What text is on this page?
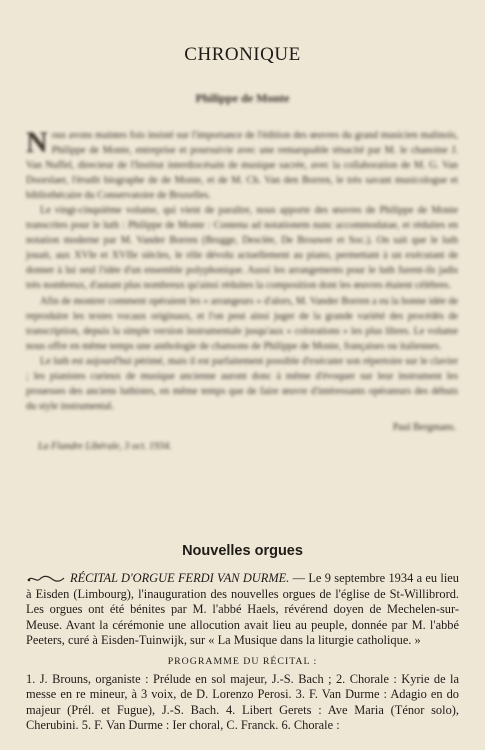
CHRONIQUE
Philippe de Monte

Nous avons maintes fois insisté sur l'importance de l'édition des œuvres du grand musicien malinois, Philippe de Monte, entreprise et poursuivie avec une remarquable ténacité par M. le chanoine J. Van Nuffel, directeur de l'Institut interdiocésain de musique sacrée, avec la collaboration de M. G. Van Doorslaer, l'érudit biographe de de Monte, et de M. Ch. Van den Borren, le très savant musicologue et bibliothécaire du Conservatoire de Bruxelles.

Le vingt-cinquième volume, qui vient de paraître, nous apporte des œuvres de Philippe de Monte transcrites pour le luth : Philippe de Monte : Contenu ad notationem nunc accommodatae, et réduites en notation moderne par M. Vander Borren (Brugge, Desclée, De Brouwer et Soc.). On sait que le luth jouait, aux XVIe et XVIIe siècles, le rôle dévolu actuellement au piano, permettant à un exécutant de donner à lui seul l'idée d'un ensemble polyphonique. Aussi les arrangements pour le luth furent-ils jadis très nombreux, d'autant plus nombreux qu'ainsi réduites la composition dont les œuvres étaient célèbres.

Afin de montrer comment opéraient les « arrangeurs » d'alors, M. Vander Borren a eu la bonne idée de reproduire les textes vocaux originaux, et l'on peut ainsi juger de la grande variété des procédés de transcription, depuis la simple version instrumentale jusqu'aux « colorations » les plus libres. Le volume nous offre en même temps une anthologie de chansons de Philippe de Monte, françaises ou italiennes.

Le luth est aujourd'hui périmé, mais il est parfaitement possible d'exécuter son répertoire sur le clavier ; les pianistes curieux de musique ancienne auront donc à même d'évoquer sur leur instrument les prouesses des anciens luthistes, en même temps que de faire œuvre d'intéressants opérateurs des débuts du style instrumental.

Paul Bergmans.
La Flandre Libérale, 3 oct. 1934.
Nouvelles orgues

RÉCITAL D'ORGUE FERDI VAN DURME. — Le 9 septembre 1934 a eu lieu à Eisden (Limbourg), l'inauguration des nouvelles orgues de l'église de St-Willibrord. Les orgues ont été bénites par M. l'abbé Haels, révérend doyen de Mechelen-sur-Meuse. Avant la cérémonie une allocution avait lieu au peuple, donnée par M. l'abbé Peeters, curé à Eisden-Tuinwijk, sur « La Musique dans la liturgie catholique. »

PROGRAMME DU RÉCITAL :

1. J. Brouns, organiste : Prélude en sol majeur, J.-S. Bach ; 2. Chorale : Kyrie de la messe en re mineur, à 3 voix, de D. Lorenzo Perosi. 3. F. Van Durme : Adagio en do majeur (Prél. et Fugue), J.-S. Bach. 4. Libert Gerets : Ave Maria (Ténor solo), Cherubini. 5. F. Van Durme : Ier choral, C. Franck. 6. Chorale :
